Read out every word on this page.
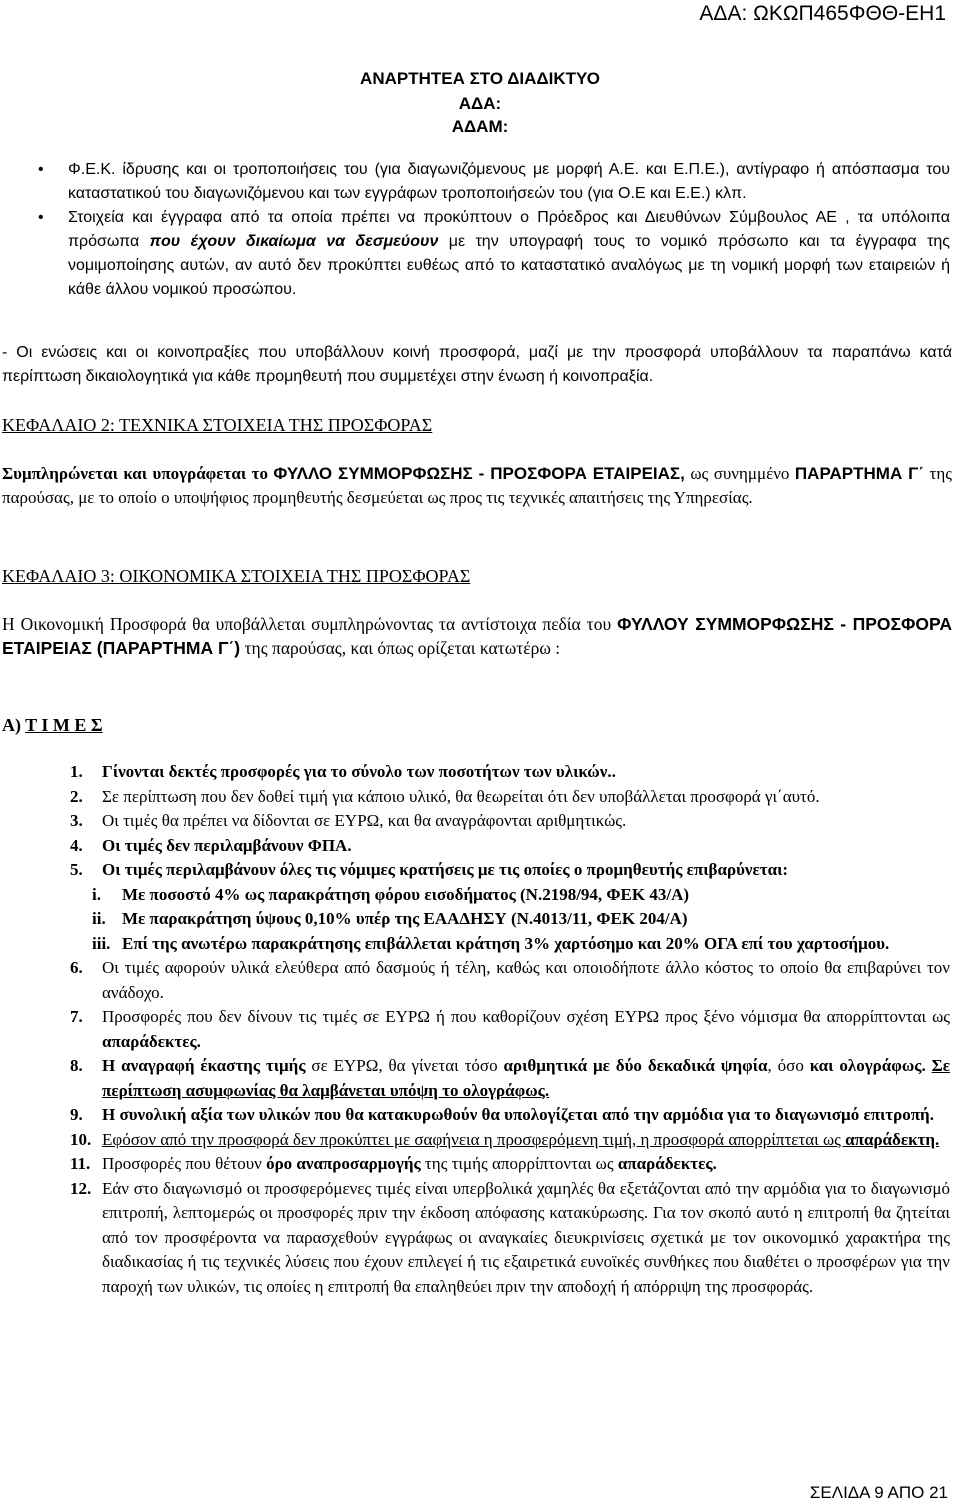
ΑΔΑ: ΩΚΩΠ465ΦΘΘ-ΕΗ1
ΑΝΑΡΤΗΤΕΑ ΣΤΟ ΔΙΑΔΙΚΤΥΟ
ΑΔΑ:
ΑΔΑΜ:
• Φ.Ε.Κ. ίδρυσης και οι τροποποιήσεις του (για διαγωνιζόμενους με μορφή Α.Ε. και Ε.Π.Ε.), αντίγραφο ή απόσπασμα του καταστατικού του διαγωνιζόμενου και των εγγράφων τροποποιήσεών του (για Ο.Ε και Ε.Ε.) κλπ.
• Στοιχεία και έγγραφα από τα οποία πρέπει να προκύπτουν ο Πρόεδρος και Διευθύνων Σύμβουλος ΑΕ , τα υπόλοιπα πρόσωπα που έχουν δικαίωμα να δεσμεύουν με την υπογραφή τους το νομικό πρόσωπο και τα έγγραφα της νομιμοποίησης αυτών, αν αυτό δεν προκύπτει ευθέως από το καταστατικό αναλόγως με τη νομική μορφή των εταιρειών ή κάθε άλλου νομικού προσώπου.

- Οι ενώσεις και οι κοινοπραξίες που υποβάλλουν κοινή προσφορά, μαζί με την προσφορά υποβάλλουν τα παραπάνω κατά περίπτωση δικαιολογητικά για κάθε προμηθευτή που συμμετέχει στην ένωση ή κοινοπραξία.

ΚΕΦΑΛΑΙΟ 2: ΤΕΧΝΙΚΑ ΣΤΟΙΧΕΙΑ ΤΗΣ ΠΡΟΣΦΟΡΑΣ

Συμπληρώνεται και υπογράφεται το ΦΥΛΛΟ ΣΥΜΜΟΡΦΩΣΗΣ - ΠΡΟΣΦΟΡΑ ΕΤΑΙΡΕΙΑΣ, ως συνημμένο ΠΑΡΑΡΤΗΜΑ Γ΄ της παρούσας, με το οποίο ο υποψήφιος προμηθευτής δεσμεύεται ως προς τις τεχνικές απαιτήσεις της Υπηρεσίας.

ΚΕΦΑΛΑΙΟ 3: ΟΙΚΟΝΟΜΙΚΑ ΣΤΟΙΧΕΙΑ ΤΗΣ ΠΡΟΣΦΟΡΑΣ

Η Οικονομική Προσφορά θα υποβάλλεται συμπληρώνοντας τα αντίστοιχα πεδία του ΦΥΛΛΟΥ ΣΥΜΜΟΡΦΩΣΗΣ - ΠΡΟΣΦΟΡΑ ΕΤΑΙΡΕΙΑΣ (ΠΑΡΑΡΤΗΜΑ Γ΄) της παρούσας, και όπως ορίζεται κατωτέρω :

Α) Τ Ι Μ Ε Σ
1. Γίνονται δεκτές προσφορές για το σύνολο των ποσοτήτων των υλικών..
2. Σε περίπτωση που δεν δοθεί τιμή για κάποιο υλικό, θα θεωρείται ότι δεν υποβάλλεται προσφορά γι΄αυτό.
3. Οι τιμές θα πρέπει να δίδονται σε ΕΥΡΩ, και θα αναγράφονται αριθμητικώς.
4. Οι τιμές δεν περιλαμβάνουν ΦΠΑ.
5. Οι τιμές περιλαμβάνουν όλες τις νόμιμες κρατήσεις με τις οποίες ο προμηθευτής επιβαρύνεται:
i. Με ποσοστό 4% ως παρακράτηση φόρου εισοδήματος (Ν.2198/94, ΦΕΚ 43/Α)
ii. Με παρακράτηση ύψους 0,10% υπέρ της ΕΑΑΔΗΣΥ (Ν.4013/11, ΦΕΚ 204/Α)
iii. Επί της ανωτέρω παρακράτησης επιβάλλεται κράτηση 3% χαρτόσημο και 20% ΟΓΑ επί του χαρτοσήμου.
6. Οι τιμές αφορούν υλικά ελεύθερα από δασμούς ή τέλη, καθώς και οποιοδήποτε άλλο κόστος το οποίο θα επιβαρύνει τον ανάδοχο.
7. Προσφορές που δεν δίνουν τις τιμές σε ΕΥΡΩ ή που καθορίζουν σχέση ΕΥΡΩ προς ξένο νόμισμα θα απορρίπτονται ως απαράδεκτες.
8. Η αναγραφή έκαστης τιμής σε ΕΥΡΩ, θα γίνεται τόσο αριθμητικά με δύο δεκαδικά ψηφία, όσο και ολογράφως. Σε περίπτωση ασυμφωνίας θα λαμβάνεται υπόψη το ολογράφως.
9. Η συνολική αξία των υλικών που θα κατακυρωθούν θα υπολογίζεται από την αρμόδια για το διαγωνισμό επιτροπή.
10. Εφόσον από την προσφορά δεν προκύπτει με σαφήνεια η προσφερόμενη τιμή, η προσφορά απορρίπτεται ως απαράδεκτη.
11. Προσφορές που θέτουν όρο αναπροσαρμογής της τιμής απορρίπτονται ως απαράδεκτες.
12. Εάν στο διαγωνισμό οι προσφερόμενες τιμές είναι υπερβολικά χαμηλές θα εξετάζονται από την αρμόδια για το διαγωνισμό επιτροπή, λεπτομερώς οι προσφορές πριν την έκδοση απόφασης κατακύρωσης. Για τον σκοπό αυτό η επιτροπή θα ζητείται από τον προσφέροντα να παρασχεθούν εγγράφως οι αναγκαίες διευκρινίσεις σχετικά με τον οικονομικό χαρακτήρα της διαδικασίας ή τις τεχνικές λύσεις που έχουν επιλεγεί ή τις εξαιρετικά ευνοϊκές συνθήκες που διαθέτει ο προσφέρων για την παροχή των υλικών, τις οποίες η επιτροπή θα επαληθεύει πριν την αποδοχή ή απόρριψη της προσφοράς.
ΣΕΛΙΔΑ 9 ΑΠΟ 21
